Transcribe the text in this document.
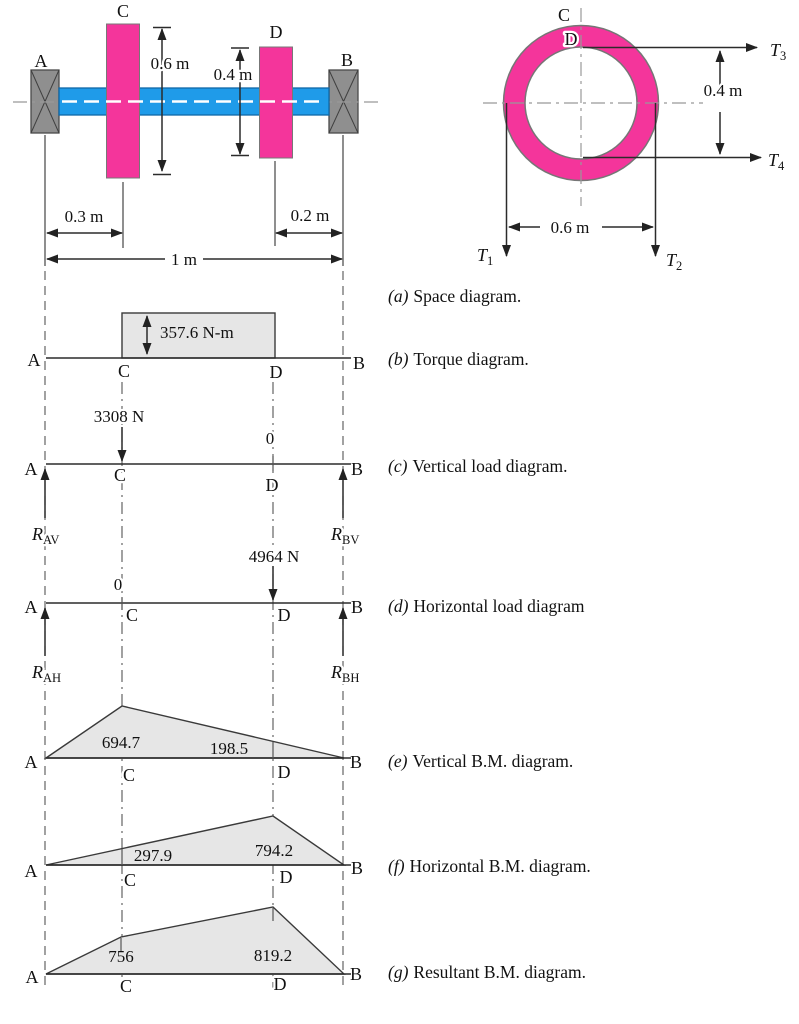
0.6 m
0.4 m
0.3 m	0.2 m
1 m
A
C
D
B
0.4 m
0.6 m
C
D
$T_3$
$T_4$
$T_1$	$T_2$
357.6 N-m
A
C	D	B
3308 N
0
$R_{AV}$	$R_{BV}$
A	C	D
B
4964 N
0
$R_{AH}$	$R_{BH}$
A	C	D	B
694.7	198.5
A
C	D	B
297.9	794.2
A	C	D	B
756	819.2
A	C	D	B
(a) Space diagram.
(b) Torque diagram.
(c) Vertical load diagram.
(d) Horizontal load diagram
(e) Vertical B.M. diagram.
(f) Horizontal B.M. diagram.
(g) Resultant B.M. diagram.
